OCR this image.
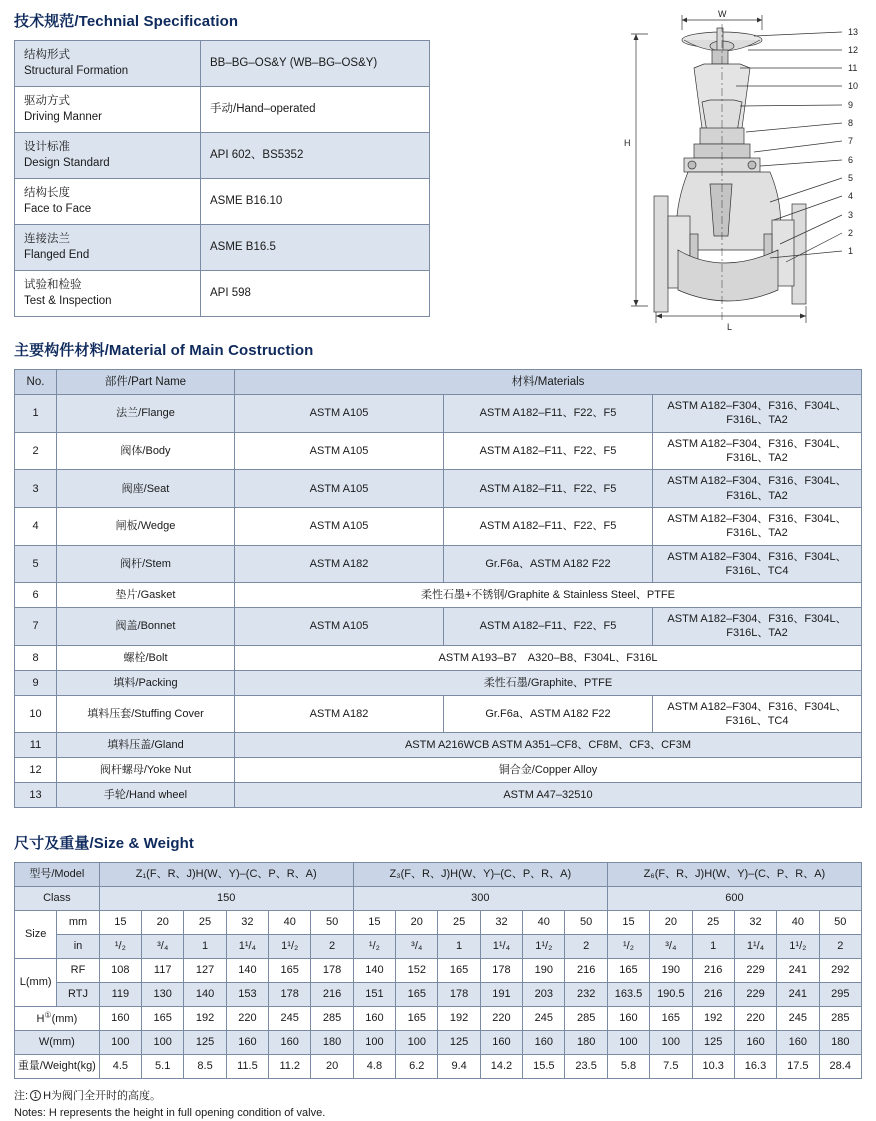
技术规范/Technial Specification
结构形式
Structural Formation	BB–BG–OS&Y (WB–BG–OS&Y)

驱动方式
Driving Manner	手动/Hand–operated

设计标准
Design Standard	API 602、BS5352

结构长度
Face to Face	ASME B16.10

连接法兰
Flanged End	ASME B16.5

试验和检验
Test & Inspection	API 598
W
H
L
13
12
11
10
9
8
7
6
5
4
3
2
1
主要构件材料/Material of Main Costruction
No.	部件/Part Name	材料/Materials		
1	法兰/Flange	ASTM A105	ASTM A182–F11、F22、F5	ASTM A182–F304、F316、F304L、F316L、TA2
2	阀体/Body	ASTM A105	ASTM A182–F11、F22、F5	ASTM A182–F304、F316、F304L、F316L、TA2
3	阀座/Seat	ASTM A105	ASTM A182–F11、F22、F5	ASTM A182–F304、F316、F304L、F316L、TA2
4	闸板/Wedge	ASTM A105	ASTM A182–F11、F22、F5	ASTM A182–F304、F316、F304L、F316L、TA2
5	阀杆/Stem	ASTM A182	Gr.F6a、ASTM A182 F22	ASTM A182–F304、F316、F304L、F316L、TC4
6	垫片/Gasket	柔性石墨+不锈钢/Graphite & Stainless Steel、PTFE		
7	阀盖/Bonnet	ASTM A105	ASTM A182–F11、F22、F5	ASTM A182–F304、F316、F304L、F316L、TA2
8	螺栓/Bolt	ASTM A193–B7　A320–B8、F304L、F316L		
9	填料/Packing	柔性石墨/Graphite、PTFE		
10	填料压套/Stuffing Cover	ASTM A182	Gr.F6a、ASTM A182 F22	ASTM A182–F304、F316、F304L、F316L、TC4
11	填料压盖/Gland	ASTM A216WCB ASTM A351–CF8、CF8M、CF3、CF3M		
12	阀杆螺母/Yoke Nut	铜合金/Copper Alloy		
13	手轮/Hand wheel	ASTM A47–32510		
尺寸及重量/Size & Weight
型号/Model		Z₁(F、R、J)H(W、Y)–(C、P、R、A)						Z₃(F、R、J)H(W、Y)–(C、P、R、A)						Z₆(F、R、J)H(W、Y)–(C、P、R、A)					
Class		150						300						600					
Size	mm	15	20	25	32	40	50	15	20	25	32	40	50	15	20	25	32	40	50
	in	¹/₂	³/₄	1	1¹/₄	1¹/₂	2	¹/₂	³/₄	1	1¹/₄	1¹/₂	2	¹/₂	³/₄	1	1¹/₄	1¹/₂	2
L(mm)	RF	108	117	127	140	165	178	140	152	165	178	190	216	165	190	216	229	241	292
	RTJ	119	130	140	153	178	216	151	165	178	191	203	232	163.5	190.5	216	229	241	295
H①(mm)		160	165	192	220	245	285	160	165	192	220	245	285	160	165	192	220	245	285
W(mm)		100	100	125	160	160	180	100	100	125	160	160	180	100	100	125	160	160	180
重量/Weight(kg)		4.5	5.1	8.5	11.5	11.2	20	4.8	6.2	9.4	14.2	15.5	23.5	5.8	7.5	10.3	16.3	17.5	28.4
注: 1 H为阀门全开时的高度。
Notes: H represents the height in full opening condition of valve.
